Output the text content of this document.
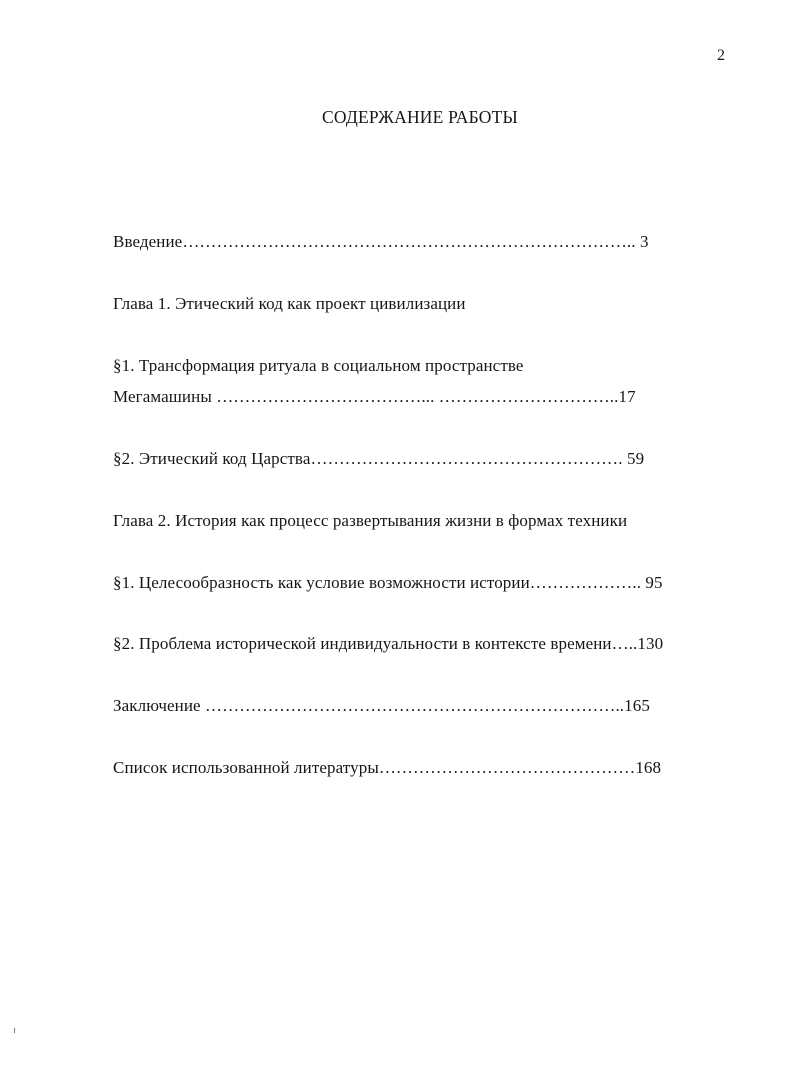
2
СОДЕРЖАНИЕ РАБОТЫ
Введение…………………………………………………………………….. 3
Глава 1. Этический код как проект цивилизации
§1. Трансформация ритуала в социальном пространстве
Мегамашины ………………………………... …………………………..17
§2. Этический код Царства………………………………………………. 59
Глава 2. История как процесс развертывания жизни в формах техники
§1. Целесообразность как условие возможности истории……………….. 95
§2. Проблема исторической индивидуальности в контексте времени…..130
Заключение ………………………………………………………………..165
Список использованной литературы………………………………………168
